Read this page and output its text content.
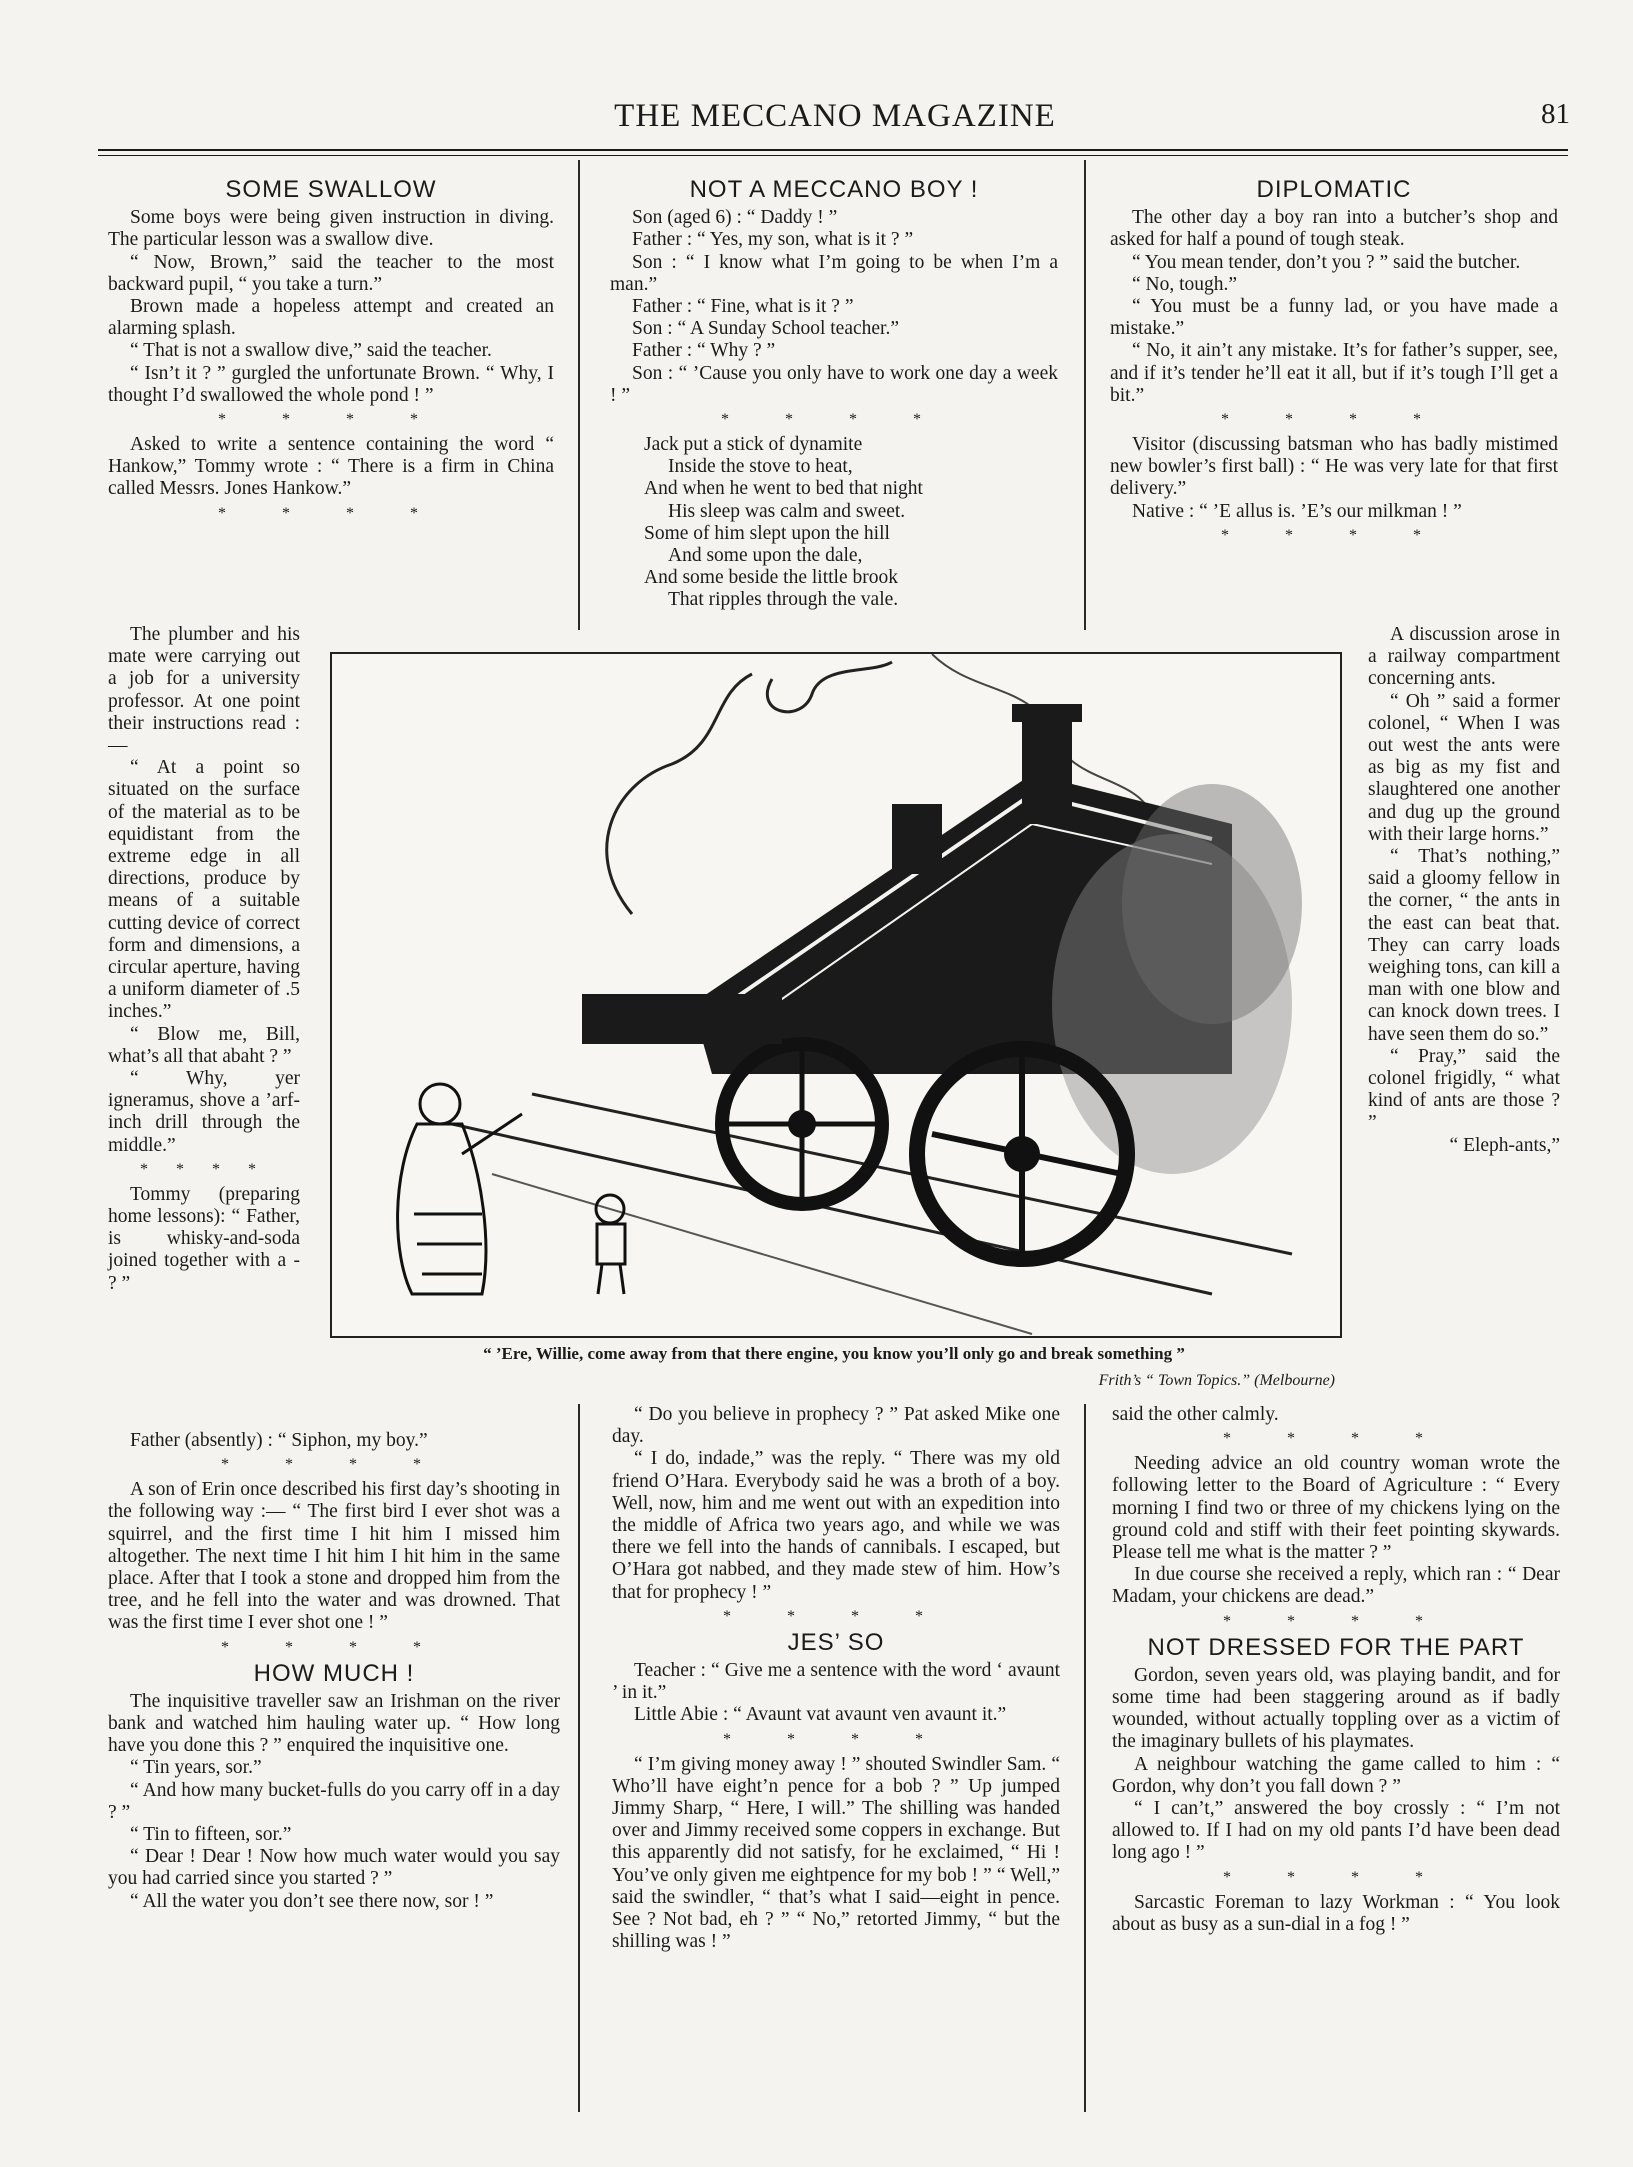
THE MECCANO MAGAZINE	81
SOME SWALLOW

Some boys were being given instruction in diving. The particular lesson was a swallow dive.

“ Now, Brown,” said the teacher to the most backward pupil, “ you take a turn.”

Brown made a hopeless attempt and created an alarming splash.

“ That is not a swallow dive,” said the teacher.

“ Isn’t it ? ” gurgled the unfortunate Brown. “ Why, I thought I’d swallowed the whole pond ! ”

* * * *

Asked to write a sentence containing the word “ Hankow,” Tommy wrote : “ There is a firm in China called Messrs. Jones Hankow.”

* * * *

The plumber and his mate were carrying out a job for a university professor. At one point their instructions read :—

“ At a point so situated on the surface of the material as to be equidistant from the extreme edge in all directions, produce by means of a suitable cutting device of correct form and dimensions, a circular aperture, having a uniform diameter of .5 inches.”

“ Blow me, Bill, what’s all that abaht ? ”

“ Why, yer igneramus, shove a ’arf-inch drill through the middle.”

* * * *

Tommy (preparing home lessons): “ Father, is whisky-and-soda joined together with a - ? ”

Father (absently) : “ Siphon, my boy.”

* * * *

A son of Erin once described his first day’s shooting in the following way :— “ The first bird I ever shot was a squirrel, and the first time I hit him I missed him altogether. The next time I hit him I hit him in the same place. After that I took a stone and dropped him from the tree, and he fell into the water and was drowned. That was the first time I ever shot one ! ”

* * * *
HOW MUCH !

The inquisitive traveller saw an Irishman on the river bank and watched him hauling water up. “ How long have you done this ? ” enquired the inquisitive one.

“ Tin years, sor.”

“ And how many bucket-fulls do you carry off in a day ? ”

“ Tin to fifteen, sor.”

“ Dear ! Dear ! Now how much water would you say you had carried since you started ? ”

“ All the water you don’t see there now, sor ! ”

NOT A MECCANO BOY !

Son (aged 6) : “ Daddy ! ”

Father : “ Yes, my son, what is it ? ”

Son : “ I know what I’m going to be when I’m a man.”

Father : “ Fine, what is it ? ”

Son : “ A Sunday School teacher.”

Father : “ Why ? ”

Son : “ ’Cause you only have to work one day a week ! ”

* * * *
Jack put a stick of dynamite
Inside the stove to heat,
And when he went to bed that night
His sleep was calm and sweet.
Some of him slept upon the hill
And some upon the dale,
And some beside the little brook
That ripples through the vale.

“ Do you believe in prophecy ? ” Pat asked Mike one day.

“ I do, indade,” was the reply. “ There was my old friend O’Hara. Everybody said he was a broth of a boy. Well, now, him and me went out with an expedition into the middle of Africa two years ago, and while we was there we fell into the hands of cannibals. I escaped, but O’Hara got nabbed, and they made stew of him. How’s that for prophecy ! ”

* * * *
JES’ SO

Teacher : “ Give me a sentence with the word ‘ avaunt ’ in it.”

Little Abie : “ Avaunt vat avaunt ven avaunt it.”

* * * *

“ I’m giving money away ! ” shouted Swindler Sam. “ Who’ll have eight’n pence for a bob ? ” Up jumped Jimmy Sharp, “ Here, I will.” The shilling was handed over and Jimmy received some coppers in exchange. But this apparently did not satisfy, for he exclaimed, “ Hi ! You’ve only given me eightpence for my bob ! ” “ Well,” said the swindler, “ that’s what I said—eight in pence. See ? Not bad, eh ? ” “ No,” retorted Jimmy, “ but the shilling was ! ”

DIPLOMATIC

The other day a boy ran into a butcher’s shop and asked for half a pound of tough steak.

“ You mean tender, don’t you ? ” said the butcher.

“ No, tough.”

“ You must be a funny lad, or you have made a mistake.”

“ No, it ain’t any mistake. It’s for father’s supper, see, and if it’s tender he’ll eat it all, but if it’s tough I’ll get a bit.”

* * * *

Visitor (discussing batsman who has badly mistimed new bowler’s first ball) : “ He was very late for that first delivery.”

Native : “ ’E allus is. ’E’s our milkman ! ”

* * * *

A discussion arose in a railway compartment concerning ants.

“ Oh ” said a former colonel, “ When I was out west the ants were as big as my fist and slaughtered one another and dug up the ground with their large horns.”

“ That’s nothing,” said a gloomy fellow in the corner, “ the ants in the east can beat that. They can carry loads weighing tons, can kill a man with one blow and can knock down trees. I have seen them do so.”

“ Pray,” said the colonel frigidly, “ what kind of ants are those ? ”

“ Eleph-ants,”

said the other calmly.

* * * *

Needing advice an old country woman wrote the following letter to the Board of Agriculture : “ Every morning I find two or three of my chickens lying on the ground cold and stiff with their feet pointing skywards. Please tell me what is the matter ? ”

In due course she received a reply, which ran : “ Dear Madam, your chickens are dead.”

* * * *
NOT DRESSED FOR THE PART

Gordon, seven years old, was playing bandit, and for some time had been staggering around as if badly wounded, without actually toppling over as a victim of the imaginary bullets of his playmates.

A neighbour watching the game called to him : “ Gordon, why don’t you fall down ? ”

“ I can’t,” answered the boy crossly : “ I’m not allowed to. If I had on my old pants I’d have been dead long ago ! ”

* * * *

Sarcastic Foreman to lazy Workman : “ You look about as busy as a sun-dial in a fog ! ”

“ ’Ere, Willie, come away from that there engine, you know you’ll only go and break something ”
Frith’s “ Town Topics.” (Melbourne)
